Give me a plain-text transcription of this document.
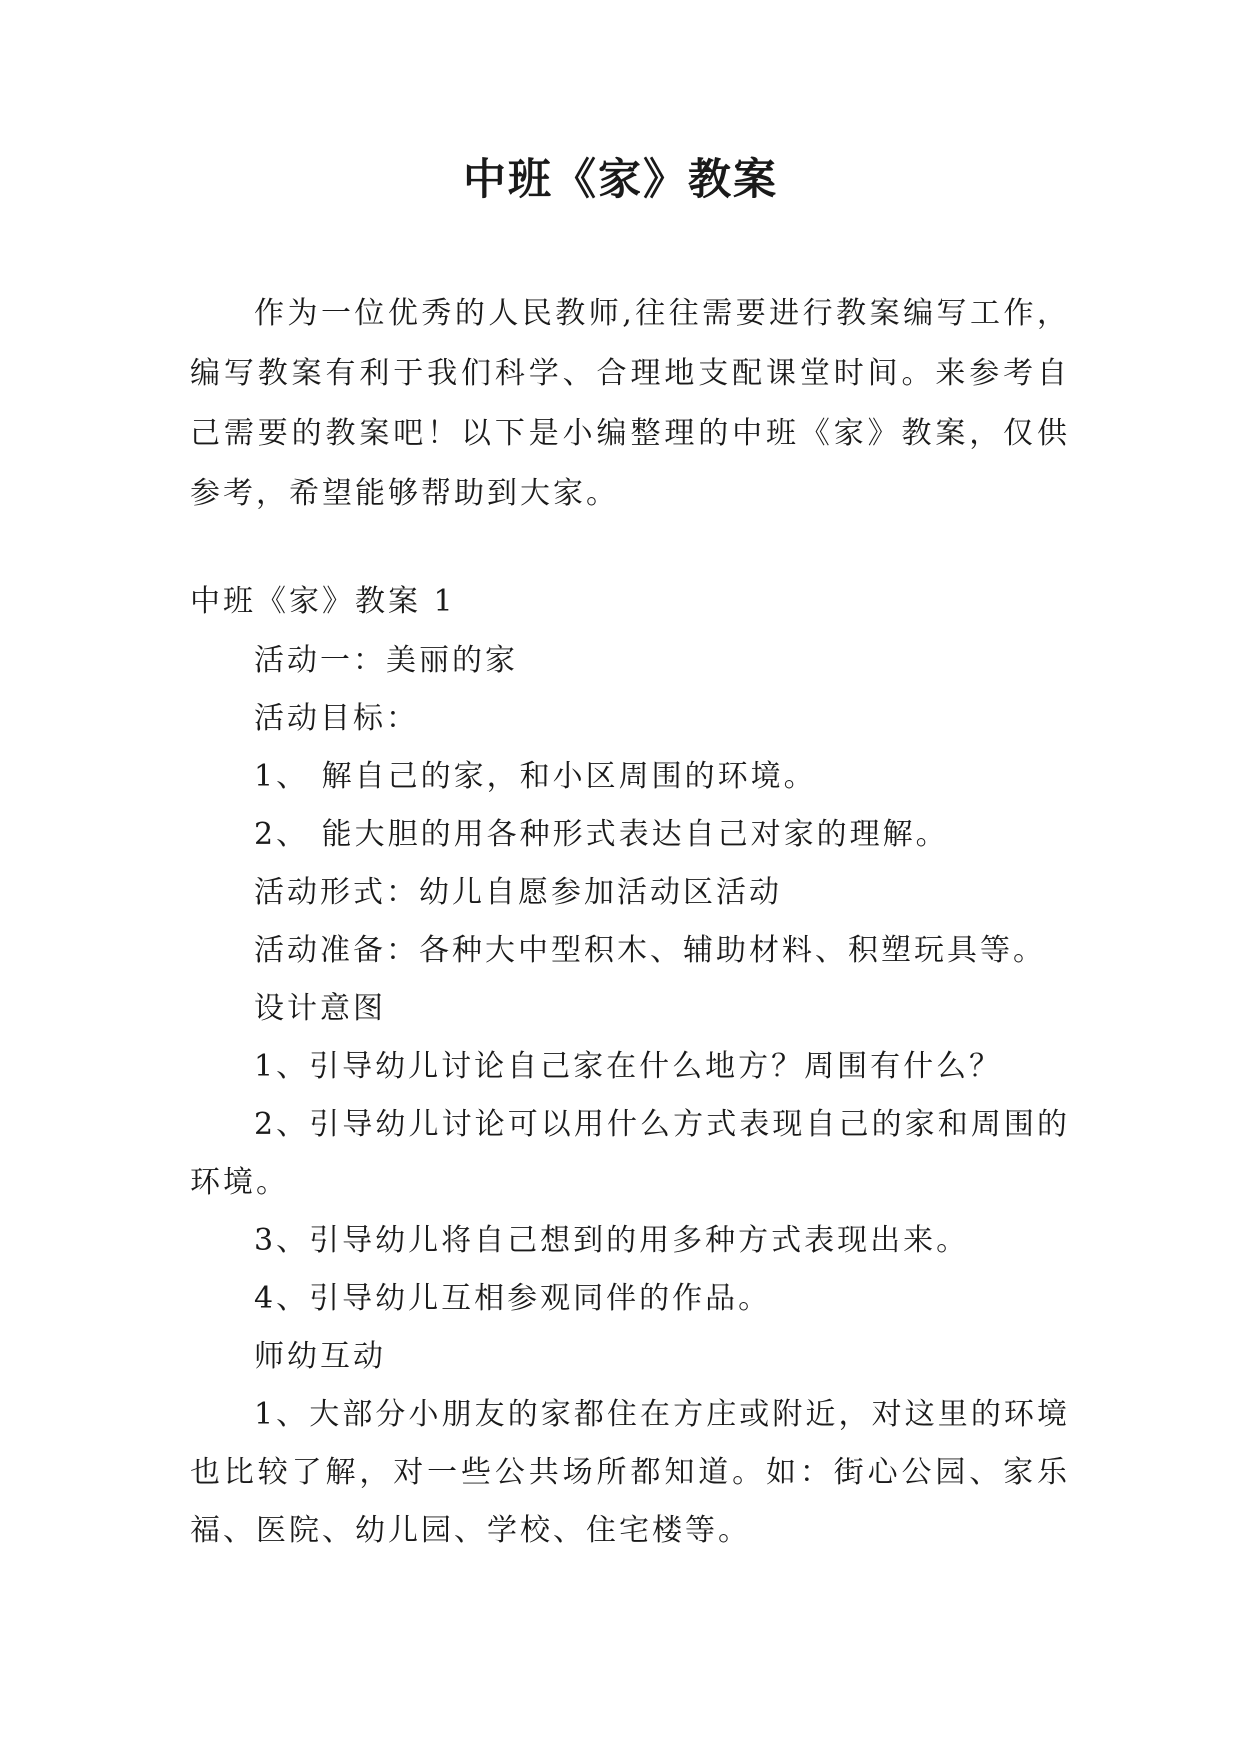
中班《家》教案

作为一位优秀的人民教师,往往需要进行教案编写工作，编写教案有利于我们科学、合理地支配课堂时间。来参考自己需要的教案吧！以下是小编整理的中班《家》教案，仅供参考，希望能够帮助到大家。

中班《家》教案 1

活动一：美丽的家

活动目标：

1、 解自己的家，和小区周围的环境。

2、 能大胆的用各种形式表达自己对家的理解。

活动形式：幼儿自愿参加活动区活动

活动准备：各种大中型积木、辅助材料、积塑玩具等。

设计意图

1、引导幼儿讨论自己家在什么地方？周围有什么？

2、引导幼儿讨论可以用什么方式表现自己的家和周围的环境。

3、引导幼儿将自己想到的用多种方式表现出来。

4、引导幼儿互相参观同伴的作品。

师幼互动

1、大部分小朋友的家都住在方庄或附近，对这里的环境也比较了解，对一些公共场所都知道。如：街心公园、家乐福、医院、幼儿园、学校、住宅楼等。
